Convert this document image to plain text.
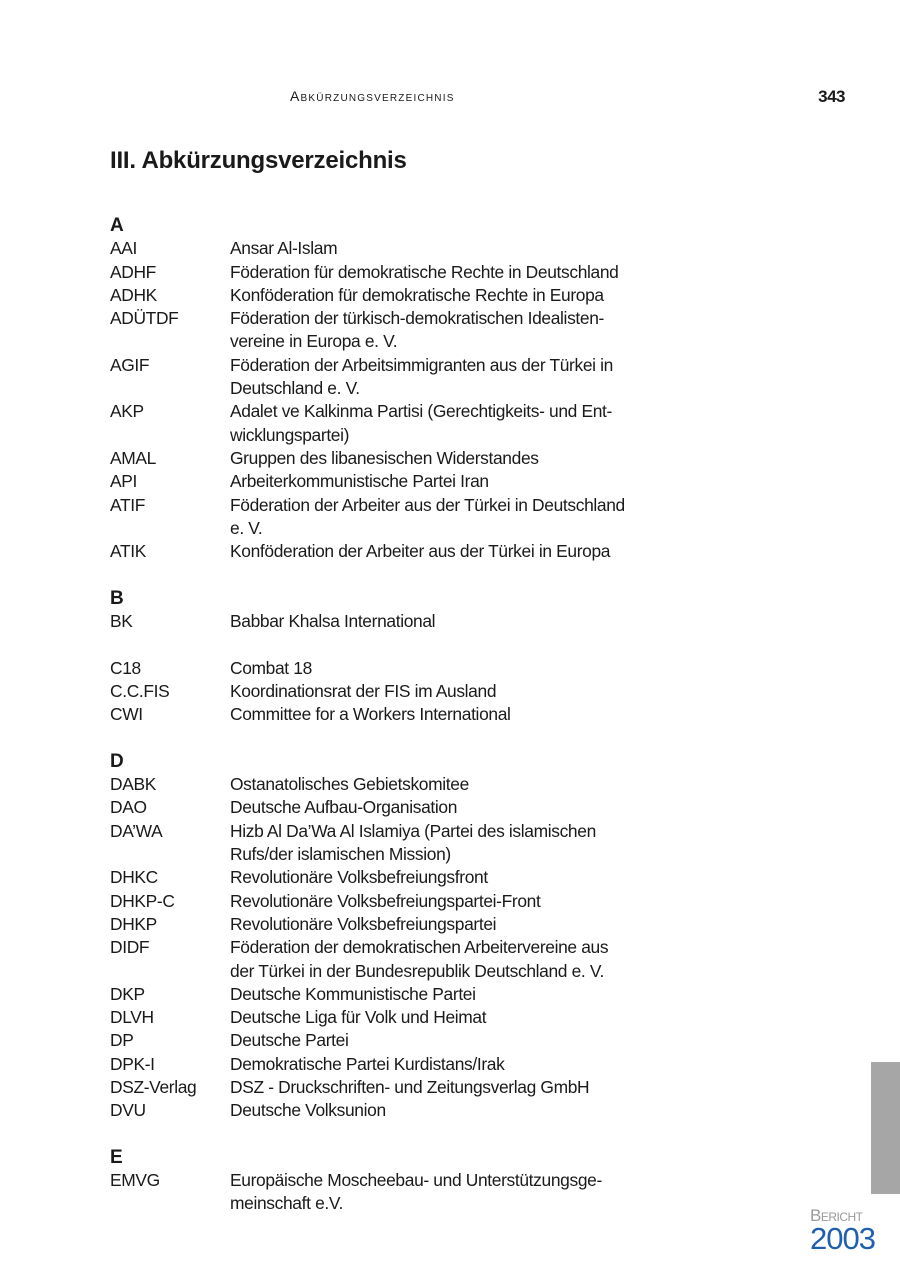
Abkürzungsverzeichnis	343
III. Abkürzungsverzeichnis
A
AAI	Ansar Al-Islam
ADHF	Föderation für demokratische Rechte in Deutschland
ADHK	Konföderation für demokratische Rechte in Europa
ADÜTDF	Föderation der türkisch-demokratischen Idealisten-
vereine in Europa e. V.
AGIF	Föderation der Arbeitsimmigranten aus der Türkei in
Deutschland e. V.
AKP	Adalet ve Kalkinma Partisi (Gerechtigkeits- und Ent-
wicklungspartei)
AMAL	Gruppen des libanesischen Widerstandes
API	Arbeiterkommunistische Partei Iran
ATIF	Föderation der Arbeiter aus der Türkei in Deutschland
e. V.
ATIK	Konföderation der Arbeiter aus der Türkei in Europa
B
BK	Babbar Khalsa International
C18	Combat 18
C.C.FIS	Koordinationsrat der FIS im Ausland
CWI	Committee for a Workers International
D
DABK	Ostanatolisches Gebietskomitee
DAO	Deutsche Aufbau-Organisation
DA’WA	Hizb Al Da’Wa Al Islamiya (Partei des islamischen
Rufs/der islamischen Mission)
DHKC	Revolutionäre Volksbefreiungsfront
DHKP-C	Revolutionäre Volksbefreiungspartei-Front
DHKP	Revolutionäre Volksbefreiungspartei
DIDF	Föderation der demokratischen Arbeitervereine aus
der Türkei in der Bundesrepublik Deutschland e. V.
DKP	Deutsche Kommunistische Partei
DLVH	Deutsche Liga für Volk und Heimat
DP	Deutsche Partei
DPK-I	Demokratische Partei Kurdistans/Irak
DSZ-Verlag	DSZ - Druckschriften- und Zeitungsverlag GmbH
DVU	Deutsche Volksunion
E
EMVG	Europäische Moscheebau- und Unterstützungsge-
meinschaft e.V.
Bericht
2003
